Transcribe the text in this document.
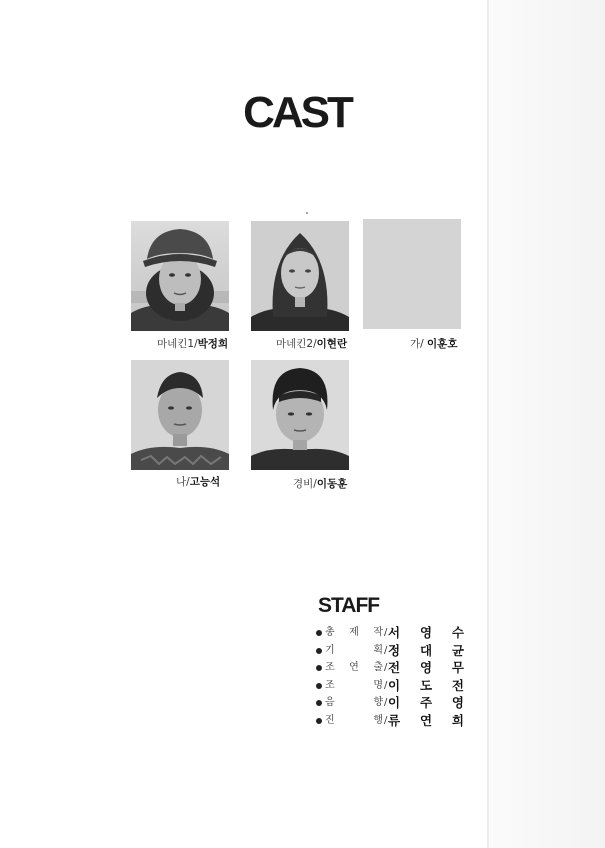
CAST
마네킨1/박정희	마네킨2/이현란	가/ 이훈호
나/고능석	경비/이동훈
STAFF
총 제 작 / 서 영 수
기 획 / 정 대 균
조 연 출 / 전 영 무
조 명 / 이 도 전
음 향 / 이 주 영
진 행 / 류 연 희
